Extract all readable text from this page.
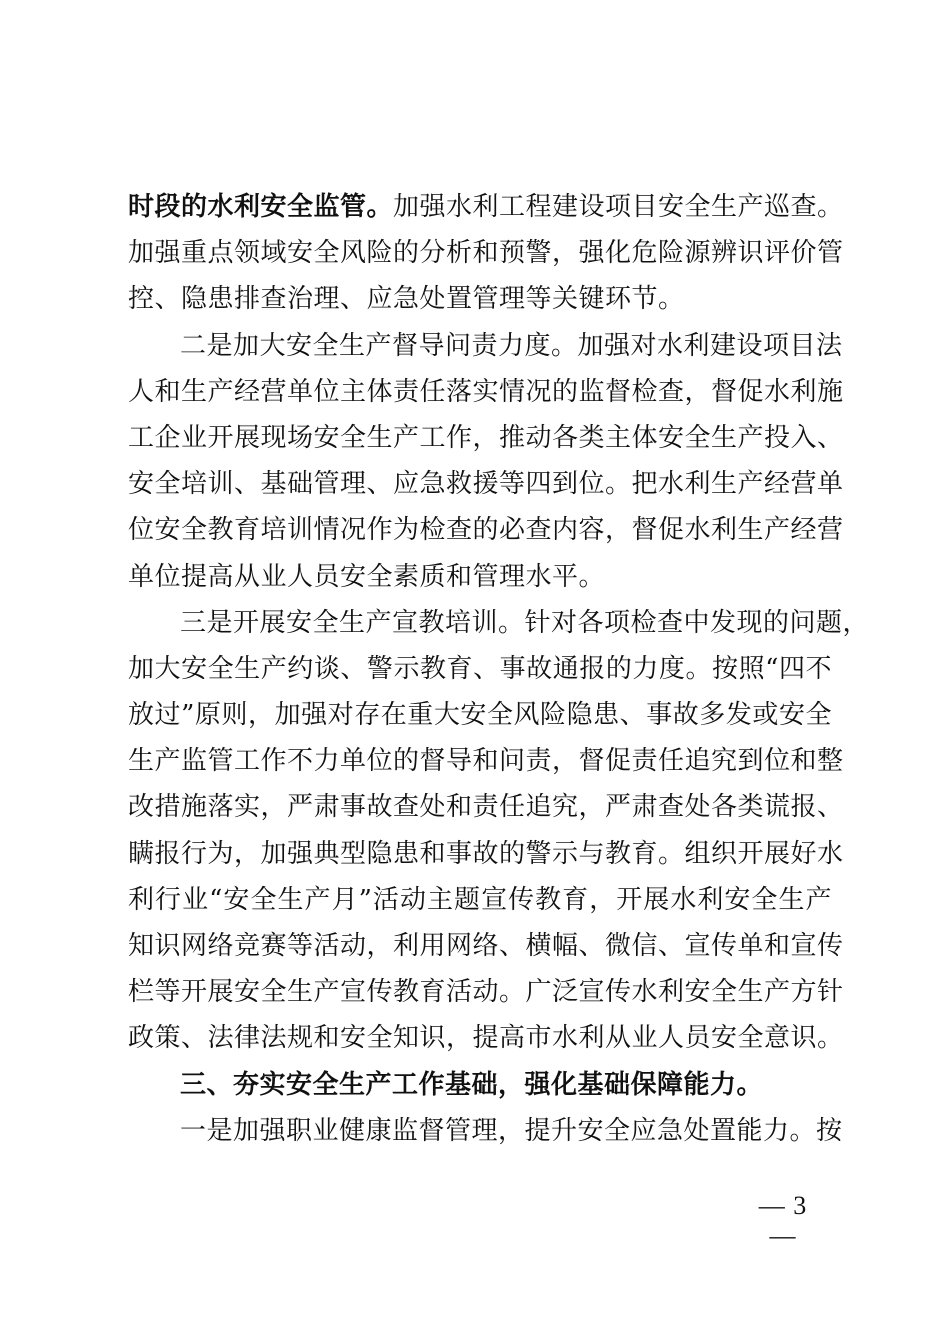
时段的水利安全监管。加强水利工程建设项目安全生产巡查。
加强重点领域安全风险的分析和预警，强化危险源辨识评价管
控、隐患排查治理、应急处置管理等关键环节。
二是加大安全生产督导问责力度。加强对水利建设项目法
人和生产经营单位主体责任落实情况的监督检查，督促水利施
工企业开展现场安全生产工作，推动各类主体安全生产投入、
安全培训、基础管理、应急救援等四到位。把水利生产经营单
位安全教育培训情况作为检查的必查内容，督促水利生产经营
单位提高从业人员安全素质和管理水平。
三是开展安全生产宣教培训。针对各项检查中发现的问题，
加大安全生产约谈、警示教育、事故通报的力度。按照“四不
放过”原则，加强对存在重大安全风险隐患、事故多发或安全
生产监管工作不力单位的督导和问责，督促责任追究到位和整
改措施落实，严肃事故查处和责任追究，严肃查处各类谎报、
瞒报行为，加强典型隐患和事故的警示与教育。组织开展好水
利行业“安全生产月”活动主题宣传教育，开展水利安全生产
知识网络竞赛等活动，利用网络、横幅、微信、宣传单和宣传
栏等开展安全生产宣传教育活动。广泛宣传水利安全生产方针
政策、法律法规和安全知识，提高市水利从业人员安全意识。
三、夯实安全生产工作基础，强化基础保障能力。
一是加强职业健康监督管理，提升安全应急处置能力。按
— 3 —
